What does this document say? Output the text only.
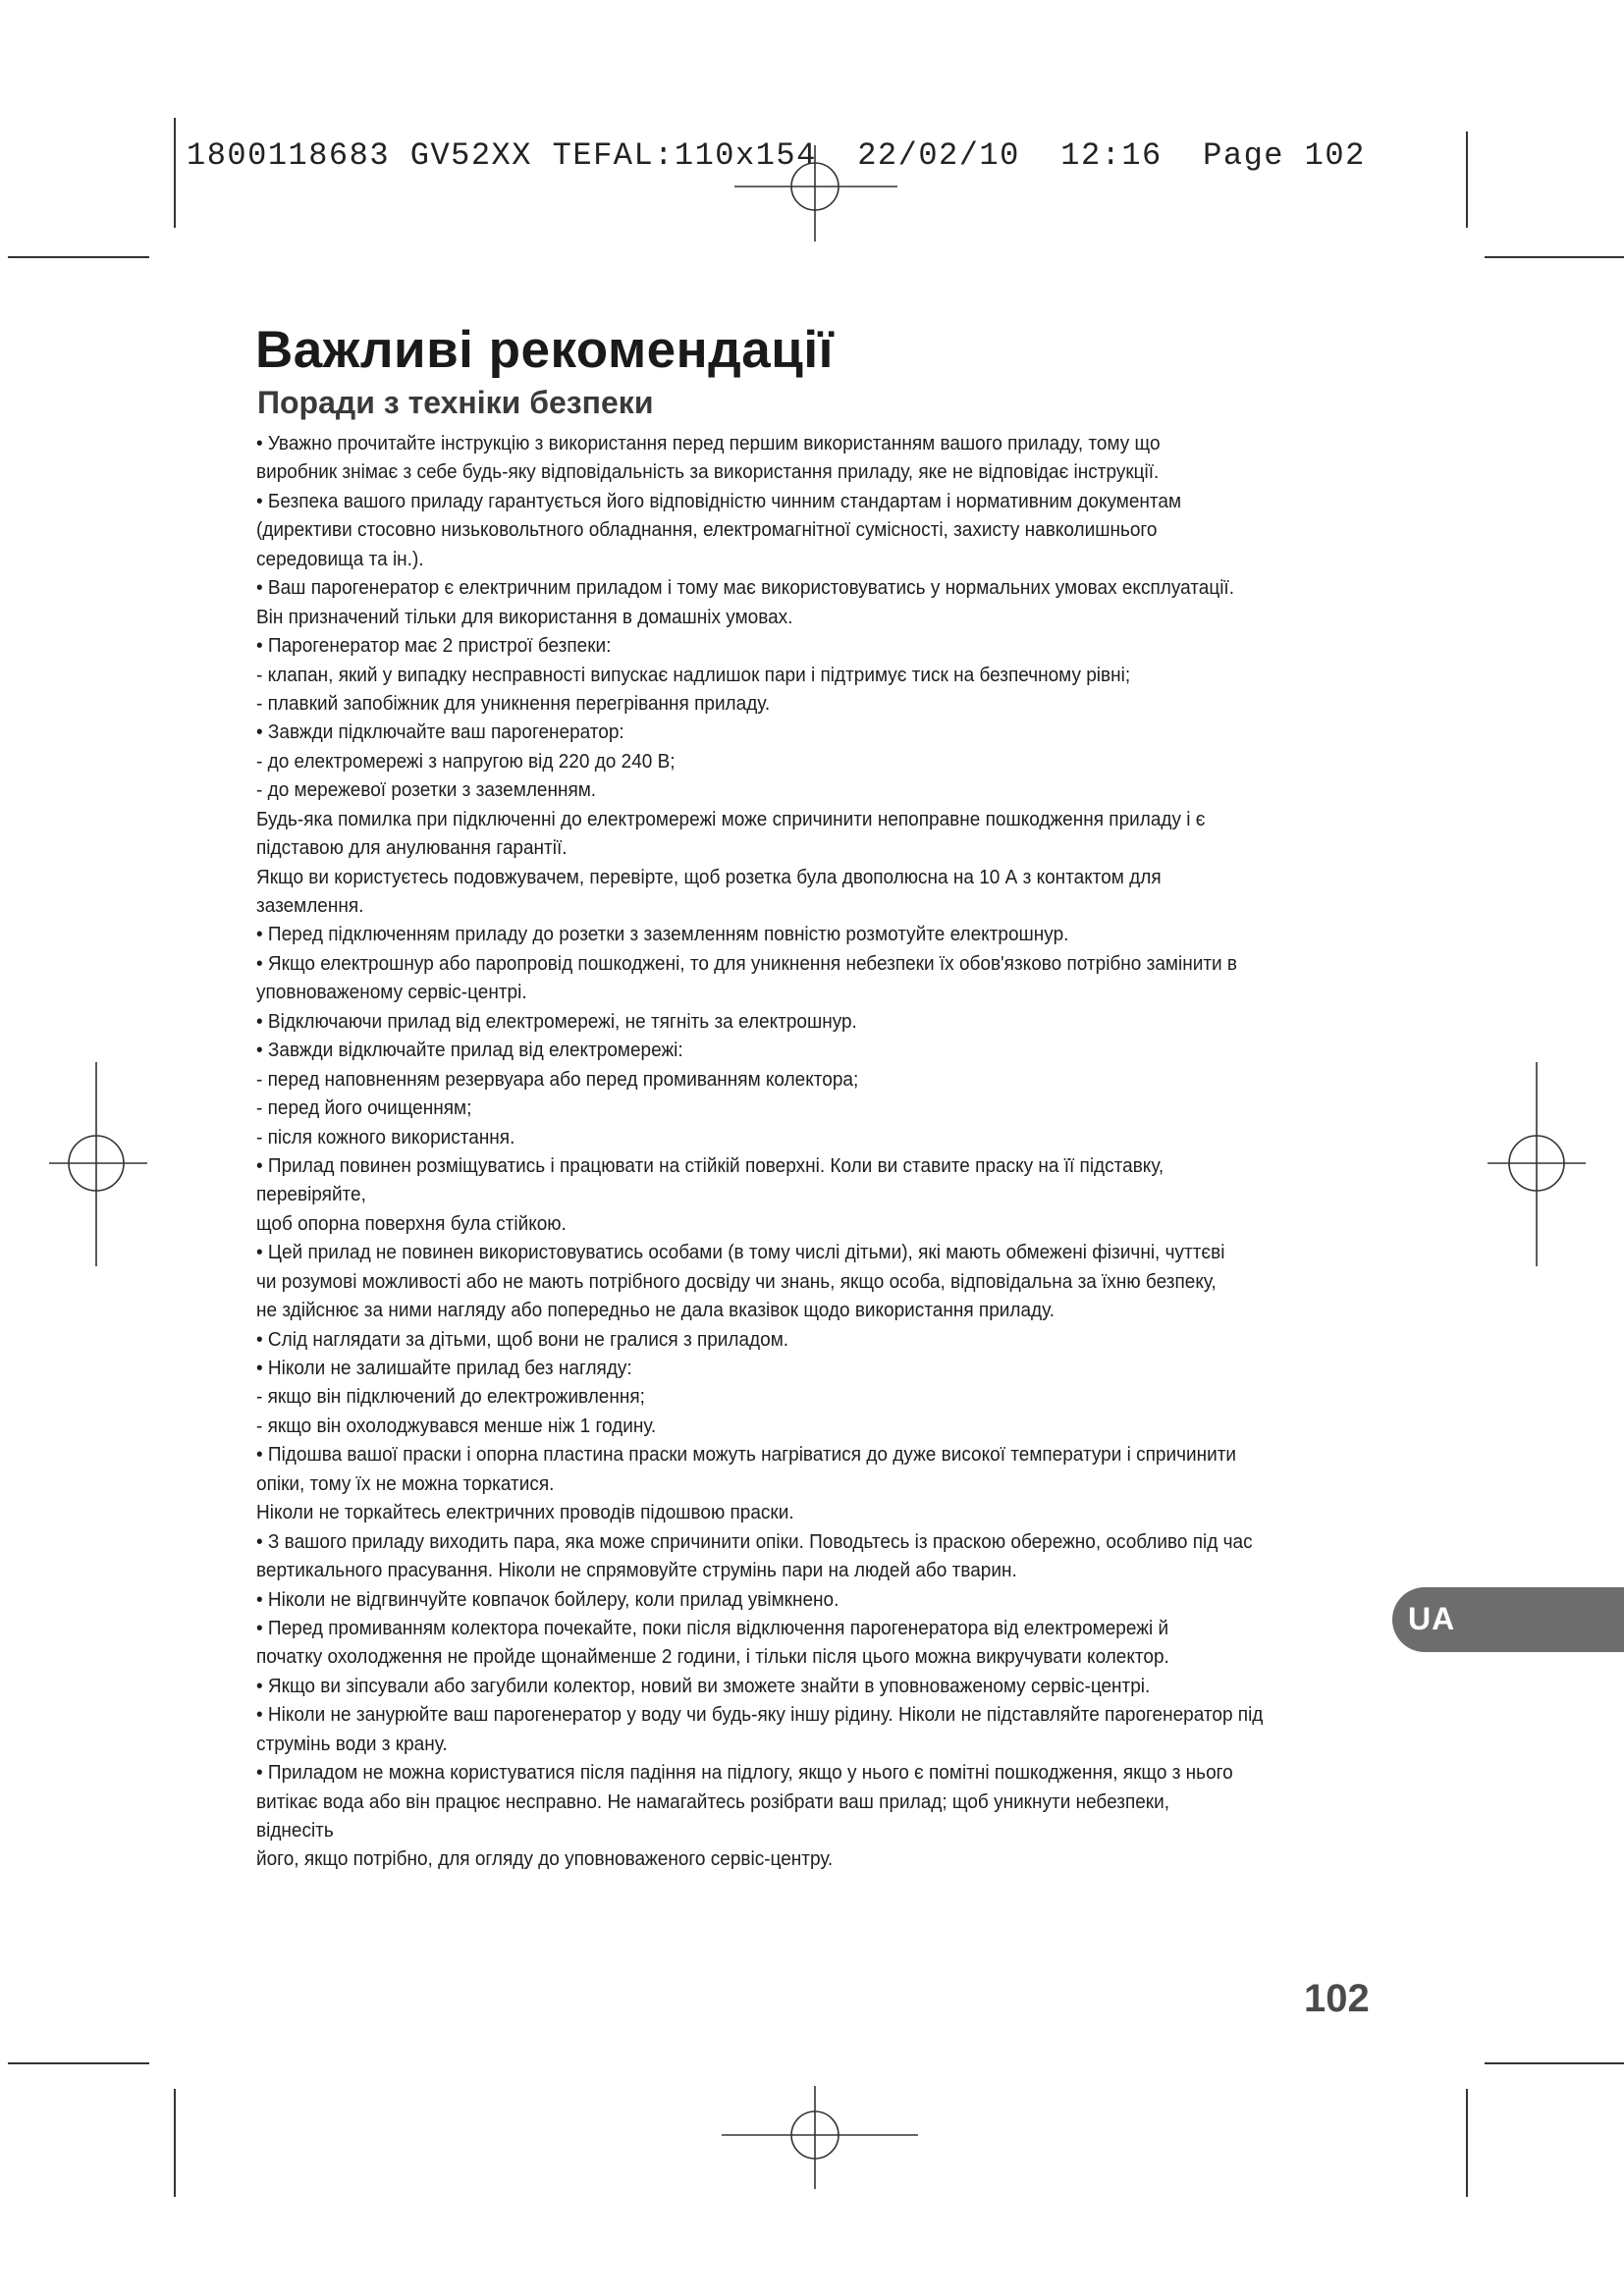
1800118683 GV52XX TEFAL:110x154  22/02/10  12:16  Page 102
Важливі рекомендації
Поради з техніки безпеки
• Уважно прочитайте інструкцію з використання перед першим використанням вашого приладу, тому що
виробник знімає з себе будь-яку відповідальність за використання приладу, яке не відповідає інструкції.
• Безпека вашого приладу гарантується його відповідністю чинним стандартам і нормативним документам
(директиви стосовно низьковольтного обладнання, електромагнітної сумісності, захисту навколишнього
середовища та ін.).
• Ваш парогенератор є електричним приладом і тому має використовуватись у нормальних умовах експлуатації.
Він призначений тільки для використання в домашніх умовах.
• Парогенератор має 2 пристрої безпеки:
- клапан, який у випадку несправності випускає надлишок пари і підтримує тиск на безпечному рівні;
- плавкий запобіжник для уникнення перегрівання приладу.
• Завжди підключайте ваш парогенератор:
- до електромережі з напругою від 220 до 240 В;
- до мережевої розетки з заземленням.
Будь-яка помилка при підключенні до електромережі може спричинити непоправне пошкодження приладу і є
підставою для анулювання гарантії.
Якщо ви користуєтесь подовжувачем, перевірте, щоб розетка була двополюсна на 10 А з контактом для
заземлення.
• Перед підключенням приладу до розетки з заземленням повністю розмотуйте електрошнур.
• Якщо електрошнур або паропровід пошкоджені, то для уникнення небезпеки їх обов'язково потрібно замінити в
уповноваженому сервіс-центрі.
• Відключаючи прилад від електромережі, не тягніть за електрошнур.
• Завжди відключайте прилад від електромережі:
- перед наповненням резервуара або перед промиванням колектора;
- перед його очищенням;
- після кожного використання.
• Прилад повинен розміщуватись і працювати на стійкій поверхні. Коли ви ставите праску на її підставку,
перевіряйте,
щоб опорна поверхня була стійкою.
• Цей прилад не повинен використовуватись особами (в тому числі дітьми), які мають обмежені фізичні, чуттєві
чи розумові можливості або не мають потрібного досвіду чи знань, якщо особа, відповідальна за їхню безпеку,
не здійснює за ними нагляду або попередньо не дала вказівок щодо використання приладу.
• Слід наглядати за дітьми, щоб вони не гралися з приладом.
• Ніколи не залишайте прилад без нагляду:
- якщо він підключений до електроживлення;
- якщо він охолоджувався менше ніж 1 годину.
• Підошва вашої праски і опорна пластина праски можуть нагріватися до дуже високої температури і спричинити
опіки, тому їх не можна торкатися.
Ніколи не торкайтесь електричних проводів підошвою праски.
• З вашого приладу виходить пара, яка може спричинити опіки. Поводьтесь із праскою обережно, особливо під час
вертикального прасування. Ніколи не спрямовуйте струмінь пари на людей або тварин.
• Ніколи не відгвинчуйте ковпачок бойлеру, коли прилад увімкнено.
• Перед промиванням колектора почекайте, поки після відключення парогенератора від електромережі й
початку охолодження не пройде щонайменше 2 години, і тільки після цього можна викручувати колектор.
• Якщо ви зіпсували або загубили колектор, новий ви зможете знайти в уповноваженому сервіс-центрі.
• Ніколи не занурюйте ваш парогенератор у воду чи будь-яку іншу рідину. Ніколи не підставляйте парогенератор під
струмінь води з крану.
• Приладом не можна користуватися після падіння на підлогу, якщо у нього є помітні пошкодження, якщо з нього
витікає вода або він працює несправно. Не намагайтесь розібрати ваш прилад; щоб уникнути небезпеки,
віднесіть
його, якщо потрібно, для огляду до уповноваженого сервіс-центру.
UA
102
